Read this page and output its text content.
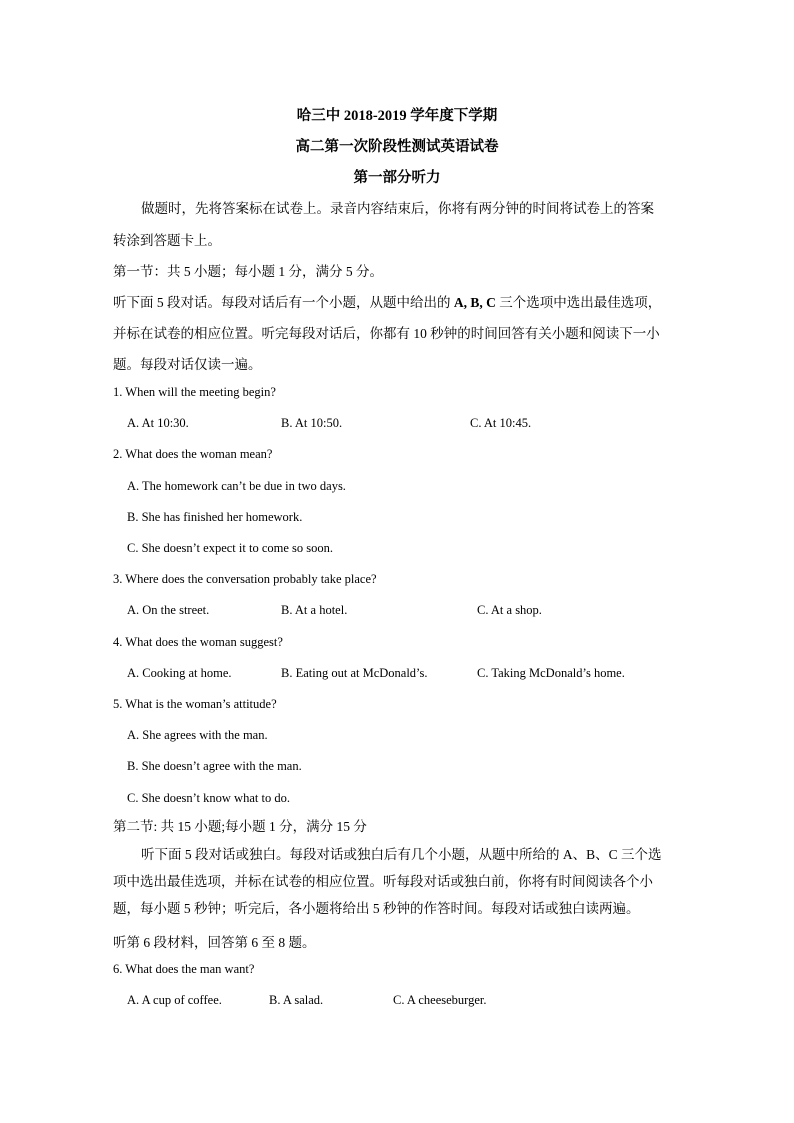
哈三中 2018-2019 学年度下学期
高二第一次阶段性测试英语试卷
第一部分听力
做题时，先将答案标在试卷上。录音内容结束后，你将有两分钟的时间将试卷上的答案
转涂到答题卡上。
第一节：共 5 小题；每小题 1 分，满分 5 分。
听下面 5 段对话。每段对话后有一个小题，从题中给出的 A, B, C 三个选项中选出最佳选项，
并标在试卷的相应位置。听完每段对话后，你都有 10 秒钟的时间回答有关小题和阅读下一小
题。每段对话仅读一遍。
1. When will the meeting begin?
A. At 10:30.	B. At 10:50.	C. At 10:45.
2. What does the woman mean?
A. The homework can’t be due in two days.
B. She has finished her homework.
C. She doesn’t expect it to come so soon.
3. Where does the conversation probably take place?
A. On the street.	B. At a hotel.	C. At a shop.
4. What does the woman suggest?
A. Cooking at home.	B. Eating out at McDonald’s.	C. Taking McDonald’s home.
5. What is the woman’s attitude?
A. She agrees with the man.
B. She doesn’t agree with the man.
C. She doesn’t know what to do.
第二节: 共 15 小题;每小题 1 分，满分 15 分
听下面 5 段对话或独白。每段对话或独白后有几个小题，从题中所给的 A、B、C 三个选
项中选出最佳选项，并标在试卷的相应位置。听每段对话或独白前，你将有时间阅读各个小
题，每小题 5 秒钟；听完后，各小题将给出 5 秒钟的作答时间。每段对话或独白读两遍。
听第 6 段材料，回答第 6 至 8 题。
6. What does the man want?
A. A cup of coffee.	B. A salad.	C. A cheeseburger.
